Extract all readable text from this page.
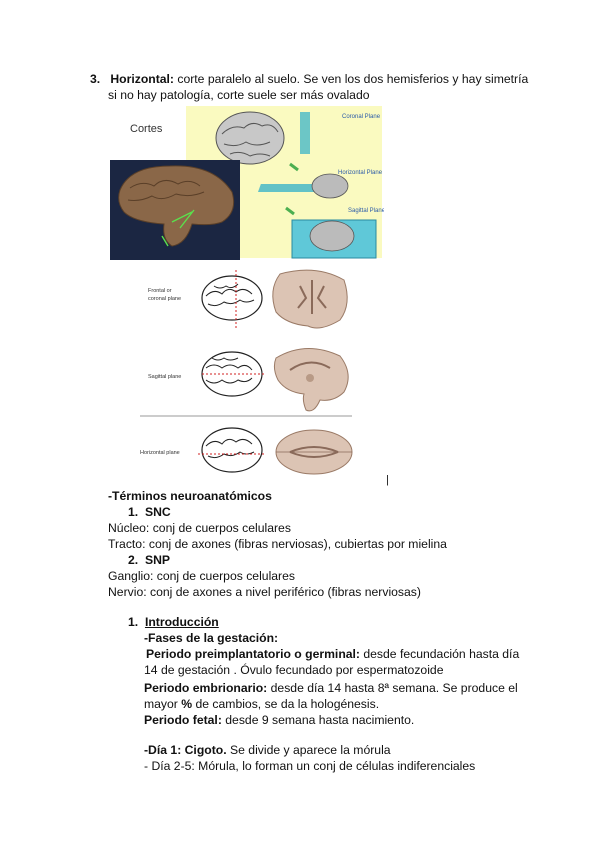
3. Horizontal: corte paralelo al suelo. Se ven los dos hemisferios y hay simetría
si no hay patología, corte suele ser más ovalado
Coronal Plane
Horizontal Plane
Sagittal Plane
Cortes
Frontal or
coronal plane
Sagittal plane
Horizontal plane
|
-Términos neuroanatómicos
1. SNC
Núcleo: conj de cuerpos celulares
Tracto: conj de axones (fibras nerviosas), cubiertas por mielina
2. SNP
Ganglio: conj de cuerpos celulares
Nervio: conj de axones a nivel periférico (fibras nerviosas)
1. Introducción
-Fases de la gestación:
Periodo preimplantatorio o germinal: desde fecundación hasta día
14 de gestación . Óvulo fecundado por espermatozoide
Periodo embrionario: desde día 14 hasta 8ª semana. Se produce el
mayor % de cambios, se da la hologénesis.
Periodo fetal: desde 9 semana hasta nacimiento.
-Día 1: Cigoto. Se divide y aparece la mórula
- Día 2-5: Mórula, lo forman un conj de células indiferenciales
